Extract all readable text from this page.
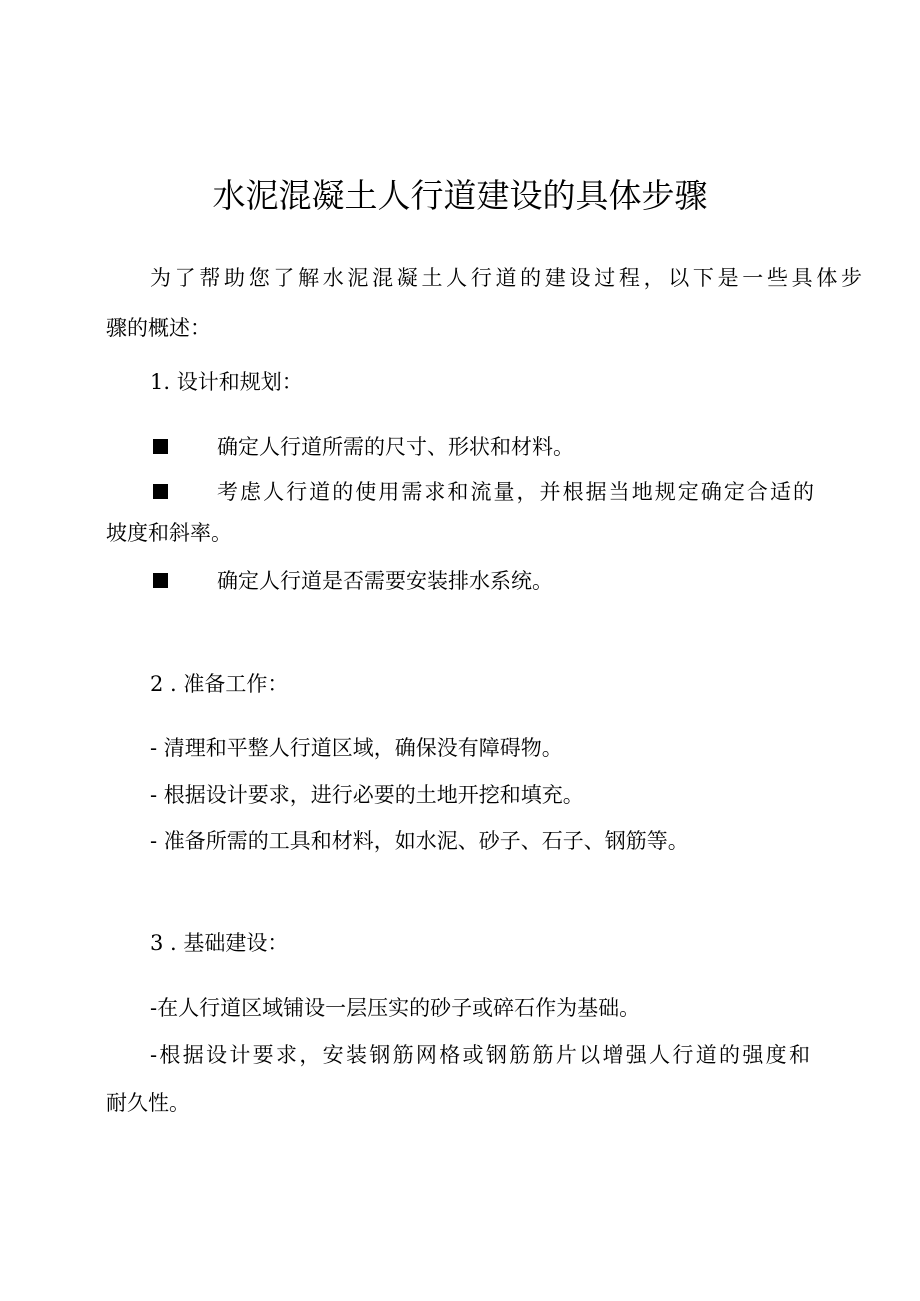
水泥混凝土人行道建设的具体步骤
为了帮助您了解水泥混凝土人行道的建设过程，以下是一些具体步
骤的概述：
1. 设计和规划：
确定人行道所需的尺寸、形状和材料。
考虑人行道的使用需求和流量，并根据当地规定确定合适的
坡度和斜率。
确定人行道是否需要安装排水系统。
2 . 准备工作：
- 清理和平整人行道区域，确保没有障碍物。
- 根据设计要求，进行必要的土地开挖和填充。
- 准备所需的工具和材料，如水泥、砂子、石子、钢筋等。
3 . 基础建设：
-在人行道区域铺设一层压实的砂子或碎石作为基础。
-根据设计要求，安装钢筋网格或钢筋筋片以增强人行道的强度和
耐久性。
